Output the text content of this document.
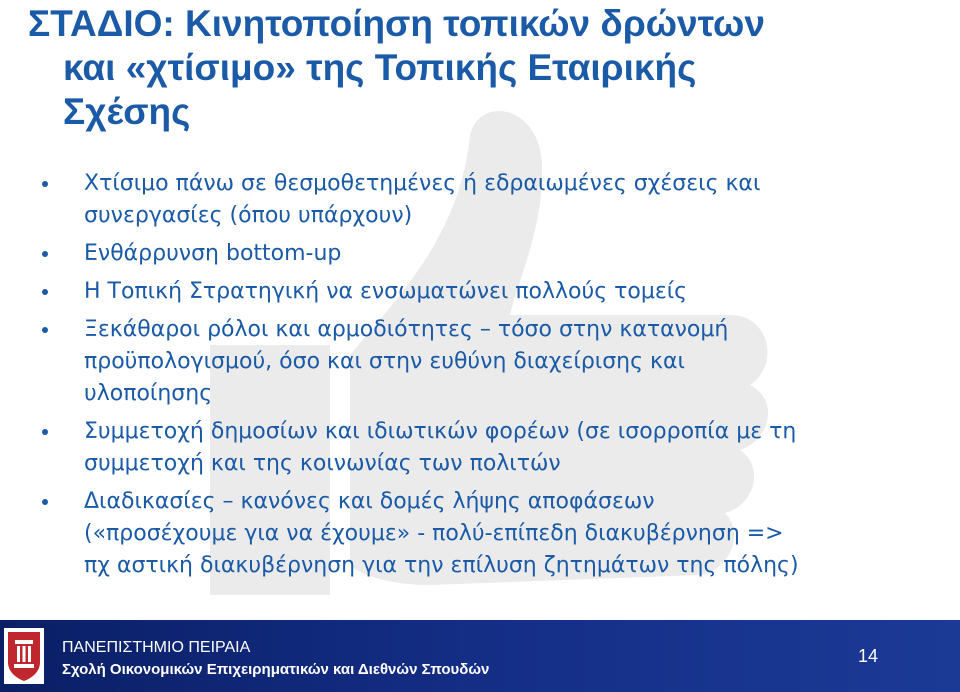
ΣΤΑΔΙΟ: Κινητοποίηση τοπικών δρώντων
και «χτίσιμο» της Τοπικής Εταιρικής
Σχέσης
Χτίσιμο πάνω σε θεσμοθετημένες ή εδραιωμένες σχέσεις και
συνεργασίες (όπου υπάρχουν)
Ενθάρρυνση bottom-up
Η Τοπική Στρατηγική να ενσωματώνει πολλούς τομείς
Ξεκάθαροι ρόλοι και αρμοδιότητες – τόσο στην κατανομή
προϋπολογισμού, όσο και στην ευθύνη διαχείρισης και
υλοποίησης
Συμμετοχή δημοσίων και ιδιωτικών φορέων (σε ισορροπία με τη
συμμετοχή και της κοινωνίας των πολιτών
Διαδικασίες – κανόνες και δομές λήψης αποφάσεων
(«προσέχουμε για να έχουμε» - πολύ-επίπεδη διακυβέρνηση =>
πχ αστική διακυβέρνηση για την επίλυση ζητημάτων της πόλης)
ΠΑΝΕΠΙΣΤΗΜΙΟ ΠΕΙΡΑΙΑ
Σχολή Οικονομικών Επιχειρηματικών και Διεθνών Σπουδών
14
